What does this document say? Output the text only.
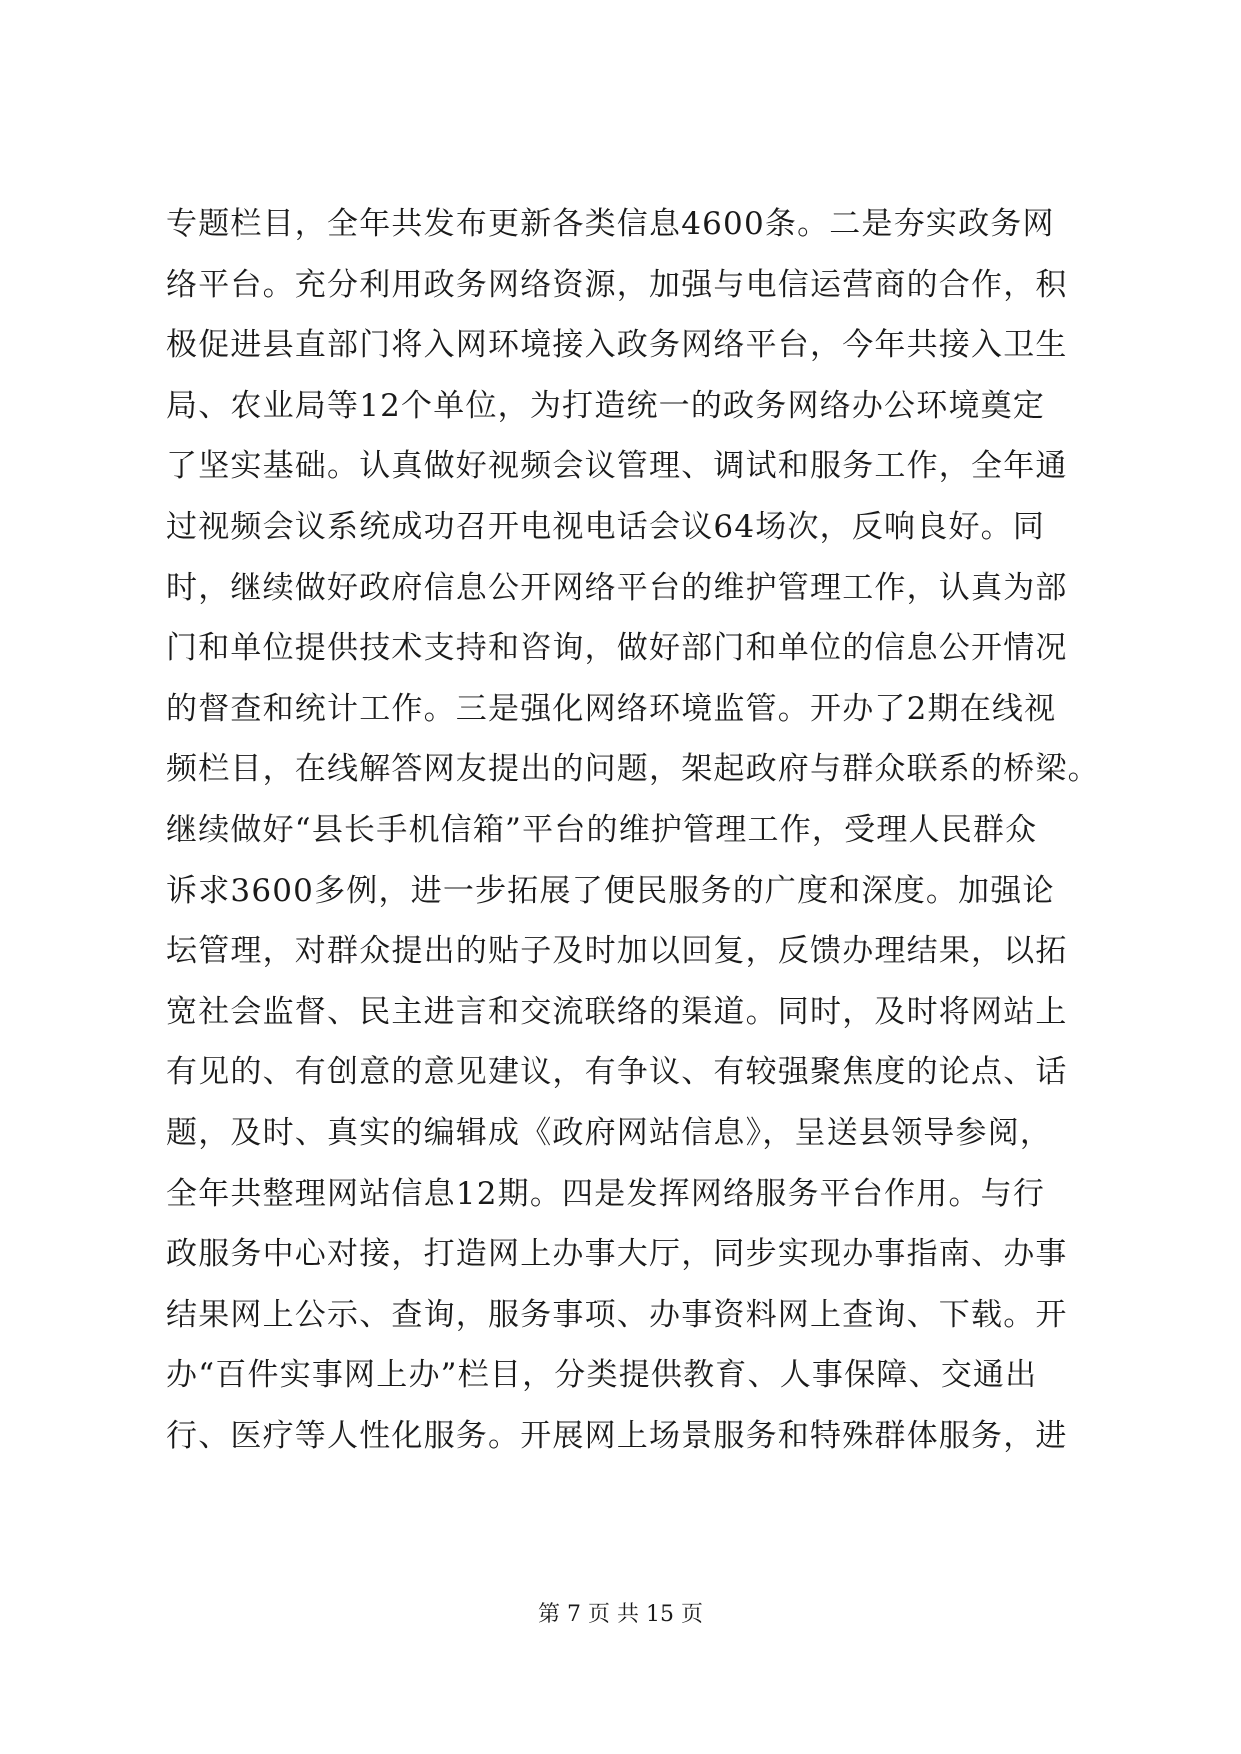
专题栏目，全年共发布更新各类信息4600条。二是夯实政务网
络平台。充分利用政务网络资源，加强与电信运营商的合作，积
极促进县直部门将入网环境接入政务网络平台，今年共接入卫生
局、农业局等12个单位，为打造统一的政务网络办公环境奠定
了坚实基础。认真做好视频会议管理、调试和服务工作，全年通
过视频会议系统成功召开电视电话会议64场次，反响良好。同
时，继续做好政府信息公开网络平台的维护管理工作，认真为部
门和单位提供技术支持和咨询，做好部门和单位的信息公开情况
的督查和统计工作。三是强化网络环境监管。开办了2期在线视
频栏目，在线解答网友提出的问题，架起政府与群众联系的桥梁。
继续做好“县长手机信箱”平台的维护管理工作，受理人民群众
诉求3600多例，进一步拓展了便民服务的广度和深度。加强论
坛管理，对群众提出的贴子及时加以回复，反馈办理结果，以拓
宽社会监督、民主进言和交流联络的渠道。同时，及时将网站上
有见的、有创意的意见建议，有争议、有较强聚焦度的论点、话
题，及时、真实的编辑成《政府网站信息》，呈送县领导参阅，
全年共整理网站信息12期。四是发挥网络服务平台作用。与行
政服务中心对接，打造网上办事大厅，同步实现办事指南、办事
结果网上公示、查询，服务事项、办事资料网上查询、下载。开
办“百件实事网上办”栏目，分类提供教育、人事保障、交通出
行、医疗等人性化服务。开展网上场景服务和特殊群体服务，进
第 7 页 共 15 页
